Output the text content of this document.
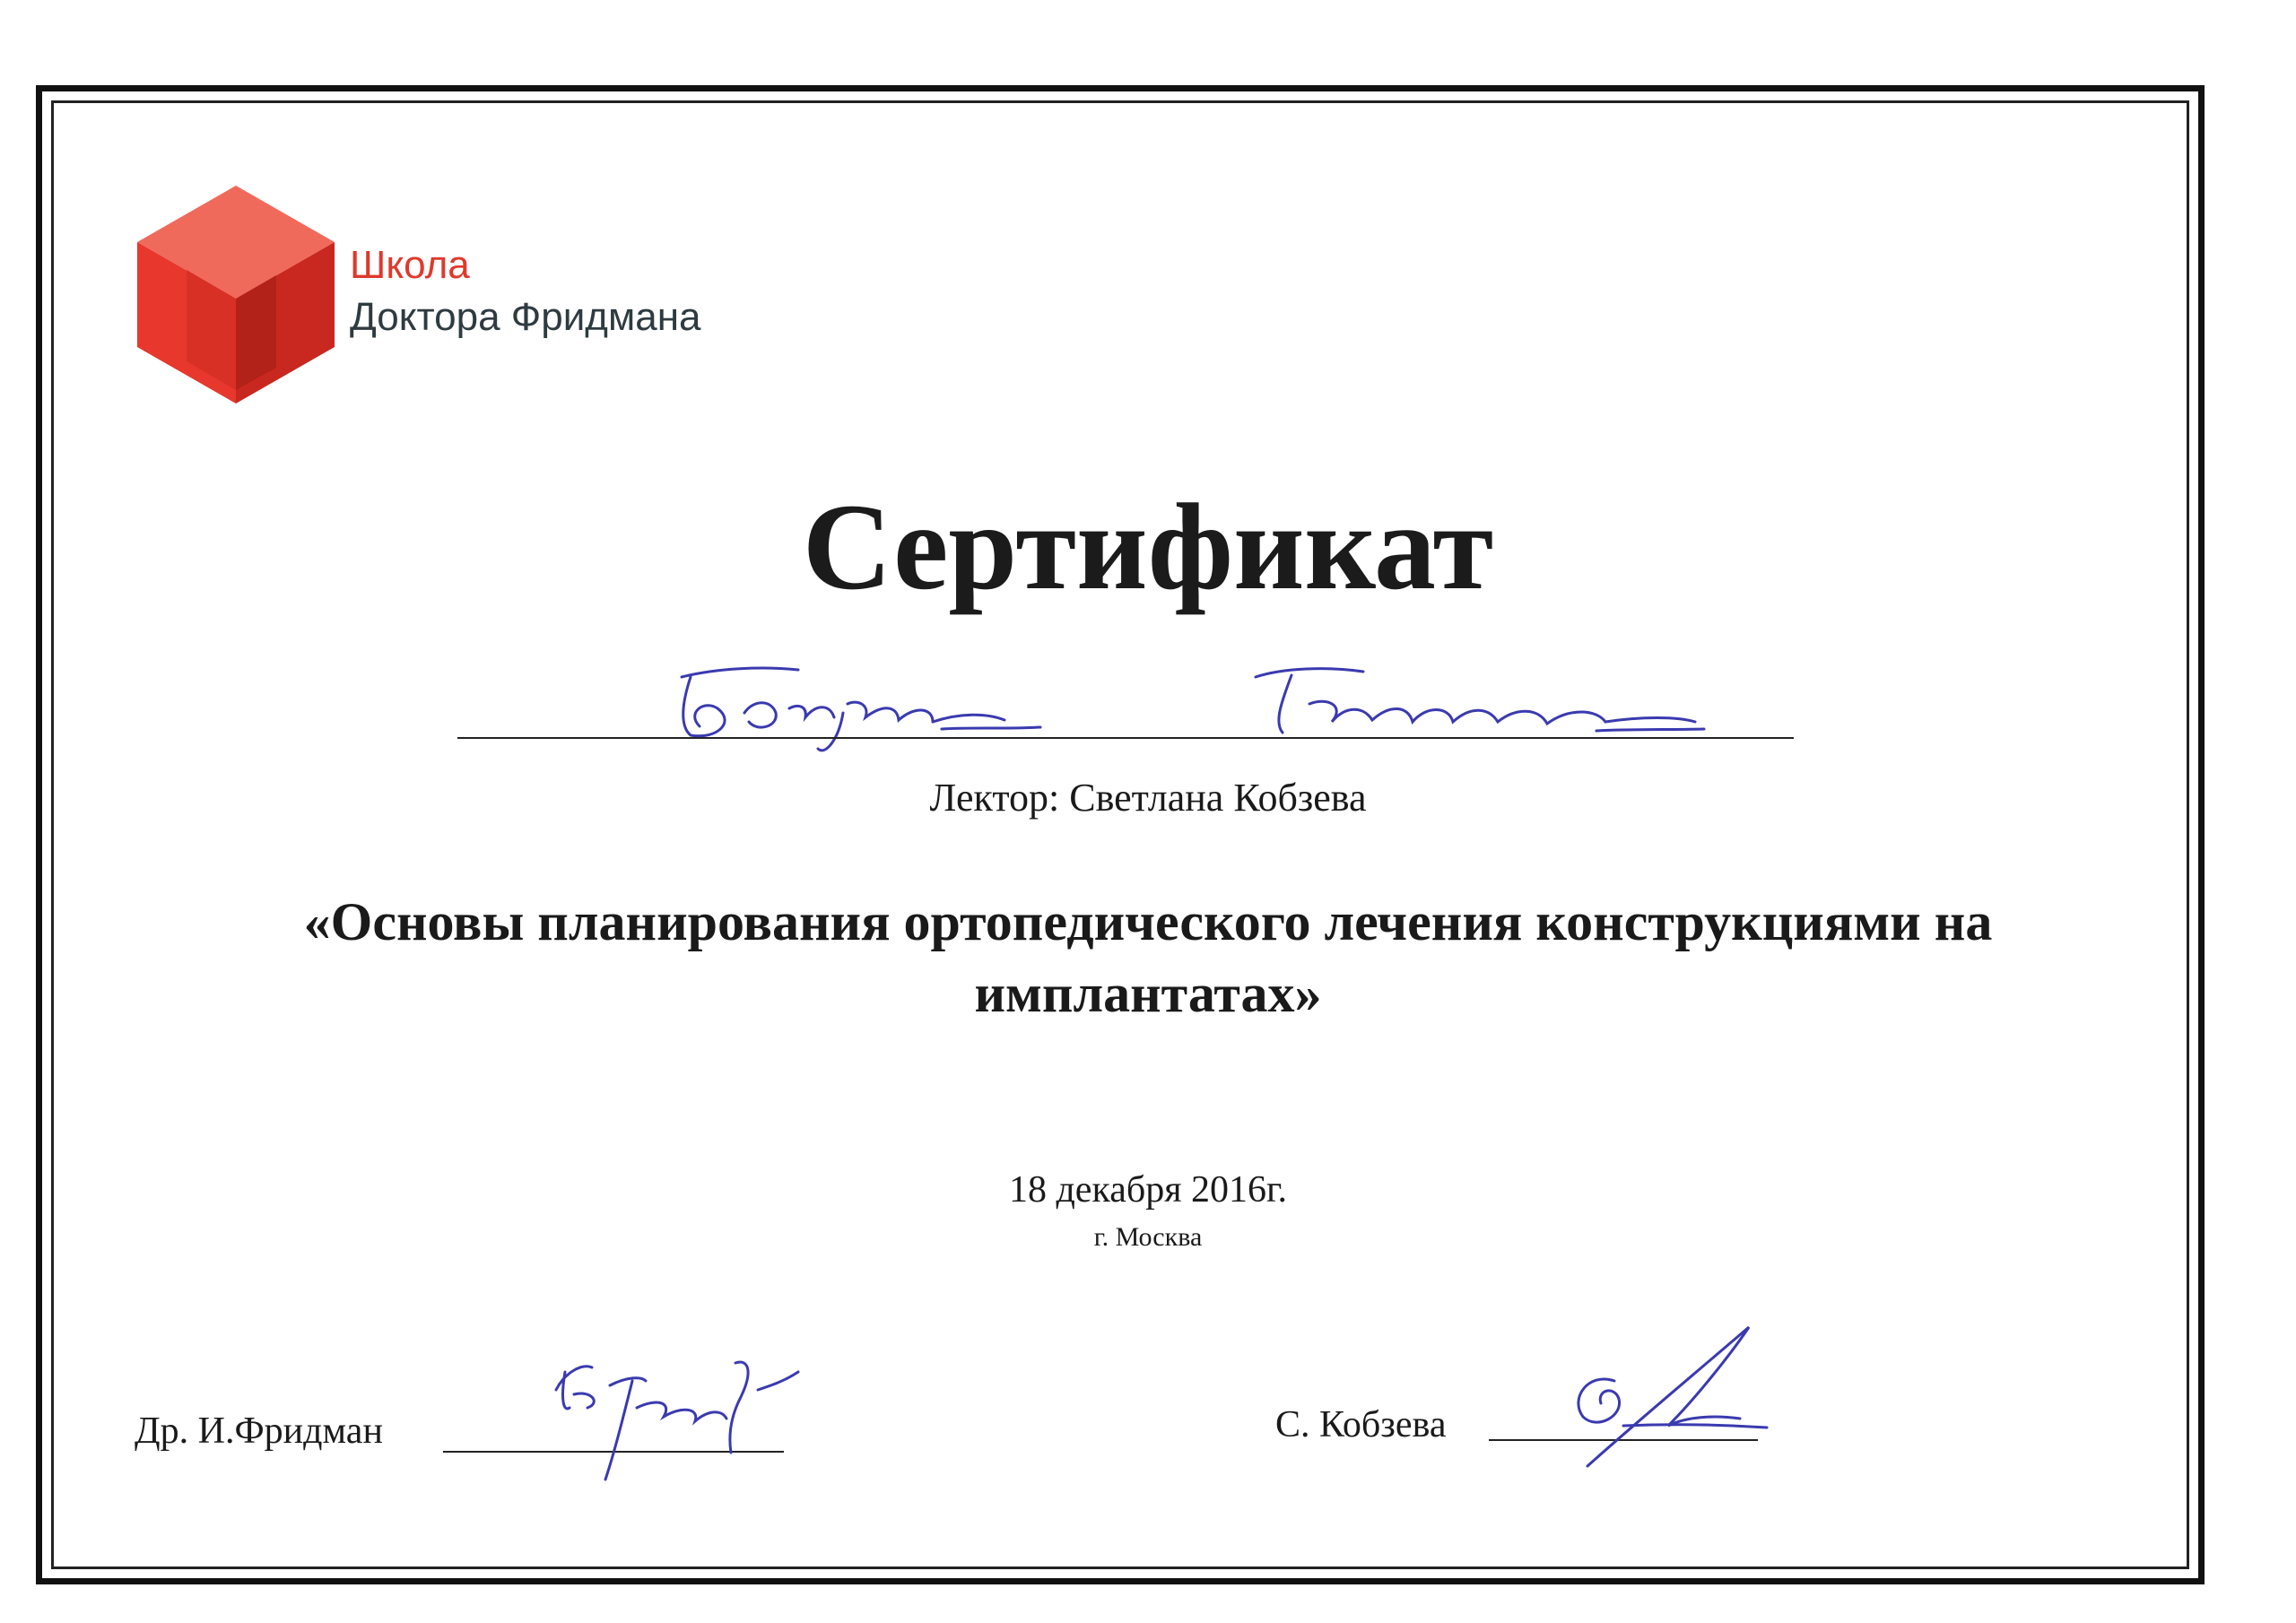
Школа
Доктора Фридмана
Сертификат
Лектор: Светлана Кобзева
«Основы планирования ортопедического лечения конструкциями на имплантатах»
18 декабря 2016г.
г. Москва
Др. И.Фридман	С. Кобзева
